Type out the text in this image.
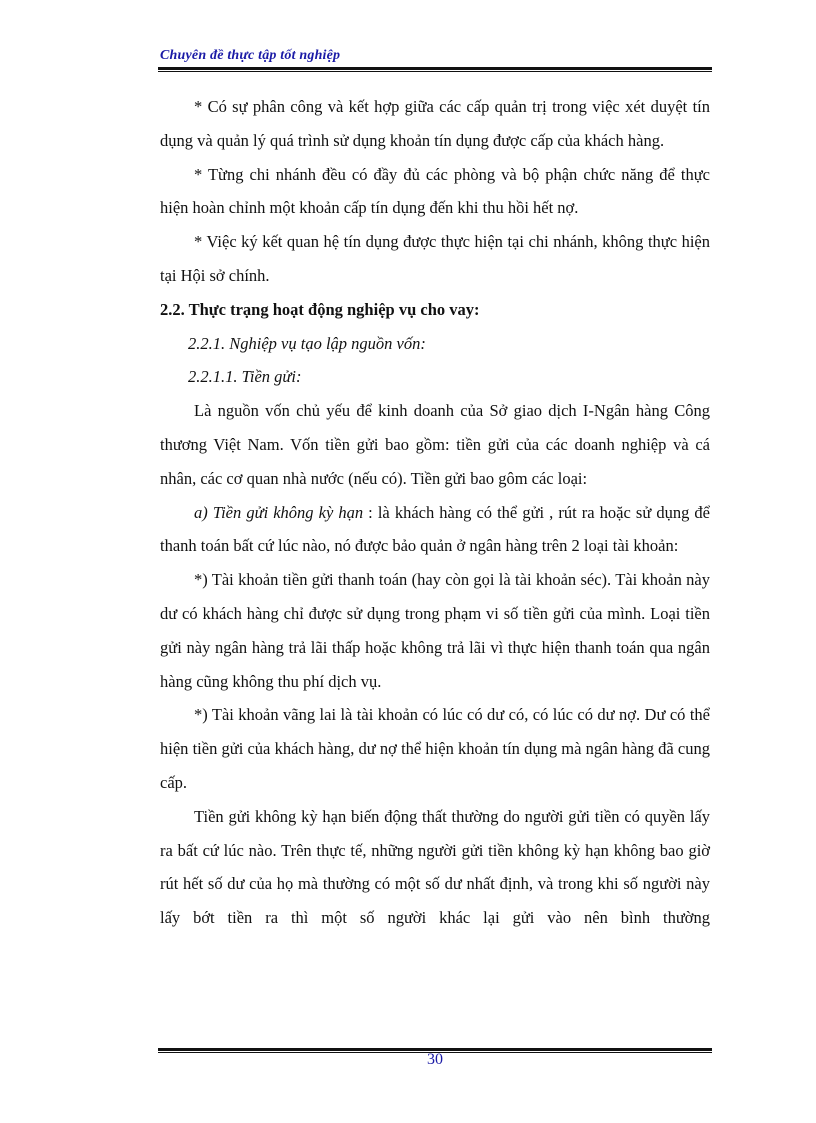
Chuyên đề thực tập tốt nghiệp

* Có sự phân công và kết hợp giữa các cấp quản trị trong việc xét duyệt tín dụng và quản lý quá trình sử dụng khoản tín dụng được cấp của khách hàng.

* Từng chi nhánh đều có đầy đủ các phòng và bộ phận chức năng để thực hiện hoàn chỉnh một khoản cấp tín dụng đến khi thu hồi hết nợ.

* Việc ký kết quan hệ tín dụng được thực hiện tại chi nhánh, không thực hiện tại Hội sở chính.

2.2. Thực trạng hoạt động nghiệp vụ cho vay:

2.2.1. Nghiệp vụ tạo lập nguồn vốn:

2.2.1.1. Tiền gửi:

Là nguồn vốn chủ yếu để kinh doanh của Sở giao dịch I-Ngân hàng Công thương Việt Nam. Vốn tiền gửi bao gồm: tiền gửi của các doanh nghiệp và cá nhân, các cơ quan nhà nước (nếu có). Tiền gửi bao gôm các loại:

a) Tiền gửi không kỳ hạn : là khách hàng có thể gửi , rút ra hoặc sử dụng để thanh toán bất cứ lúc nào, nó được bảo quản ở ngân hàng trên 2 loại tài khoản:

*) Tài khoản tiền gửi thanh toán (hay còn gọi là tài khoản séc). Tài khoản này dư có khách hàng chỉ được sử dụng trong phạm vi số tiền gửi của mình. Loại tiền gửi này ngân hàng trả lãi thấp hoặc không trả lãi vì thực hiện thanh toán qua ngân hàng cũng không thu phí dịch vụ.

*) Tài khoản vãng lai là tài khoản có lúc có dư có, có lúc có dư nợ. Dư có thể hiện tiền gửi của khách hàng, dư nợ thể hiện khoản tín dụng mà ngân hàng đã cung cấp.

Tiền gửi không kỳ hạn biến động thất thường do người gửi tiền có quyền lấy ra bất cứ lúc nào. Trên thực tế, những người gửi tiền không kỳ hạn không bao giờ rút hết số dư của họ mà thường có một số dư nhất định, và trong khi số người này lấy bớt tiền ra thì một số người khác lại gửi vào nên bình thường

30
